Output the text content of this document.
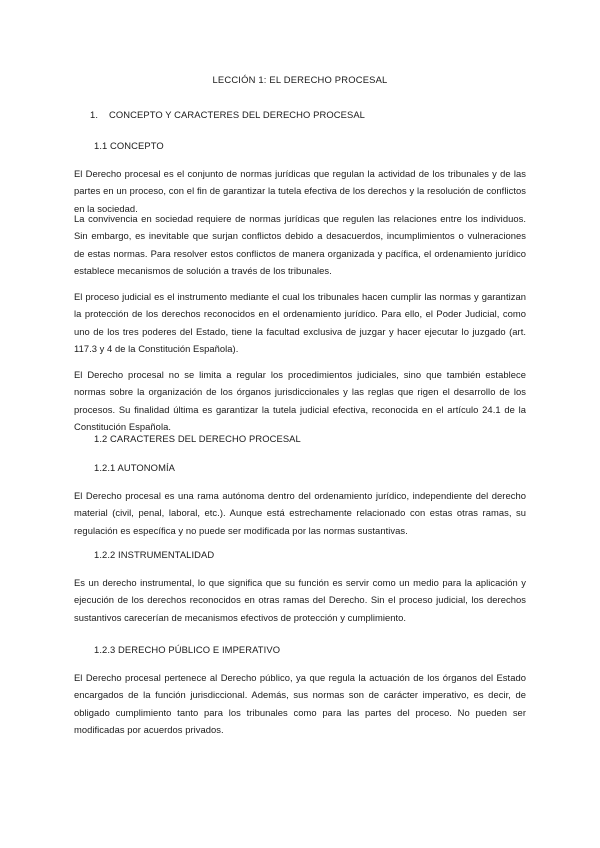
LECCIÓN 1: EL DERECHO PROCESAL
1. CONCEPTO Y CARACTERES DEL DERECHO PROCESAL
1.1 CONCEPTO
El Derecho procesal es el conjunto de normas jurídicas que regulan la actividad de los tribunales y de las partes en un proceso, con el fin de garantizar la tutela efectiva de los derechos y la resolución de conflictos en la sociedad.
La convivencia en sociedad requiere de normas jurídicas que regulen las relaciones entre los individuos. Sin embargo, es inevitable que surjan conflictos debido a desacuerdos, incumplimientos o vulneraciones de estas normas. Para resolver estos conflictos de manera organizada y pacífica, el ordenamiento jurídico establece mecanismos de solución a través de los tribunales.
El proceso judicial es el instrumento mediante el cual los tribunales hacen cumplir las normas y garantizan la protección de los derechos reconocidos en el ordenamiento jurídico. Para ello, el Poder Judicial, como uno de los tres poderes del Estado, tiene la facultad exclusiva de juzgar y hacer ejecutar lo juzgado (art. 117.3 y 4 de la Constitución Española).
El Derecho procesal no se limita a regular los procedimientos judiciales, sino que también establece normas sobre la organización de los órganos jurisdiccionales y las reglas que rigen el desarrollo de los procesos. Su finalidad última es garantizar la tutela judicial efectiva, reconocida en el artículo 24.1 de la Constitución Española.
1.2 CARACTERES DEL DERECHO PROCESAL
1.2.1 AUTONOMÍA
El Derecho procesal es una rama autónoma dentro del ordenamiento jurídico, independiente del derecho material (civil, penal, laboral, etc.). Aunque está estrechamente relacionado con estas otras ramas, su regulación es específica y no puede ser modificada por las normas sustantivas.
1.2.2 INSTRUMENTALIDAD
Es un derecho instrumental, lo que significa que su función es servir como un medio para la aplicación y ejecución de los derechos reconocidos en otras ramas del Derecho. Sin el proceso judicial, los derechos sustantivos carecerían de mecanismos efectivos de protección y cumplimiento.
1.2.3 DERECHO PÚBLICO E IMPERATIVO
El Derecho procesal pertenece al Derecho público, ya que regula la actuación de los órganos del Estado encargados de la función jurisdiccional. Además, sus normas son de carácter imperativo, es decir, de obligado cumplimiento tanto para los tribunales como para las partes del proceso. No pueden ser modificadas por acuerdos privados.
